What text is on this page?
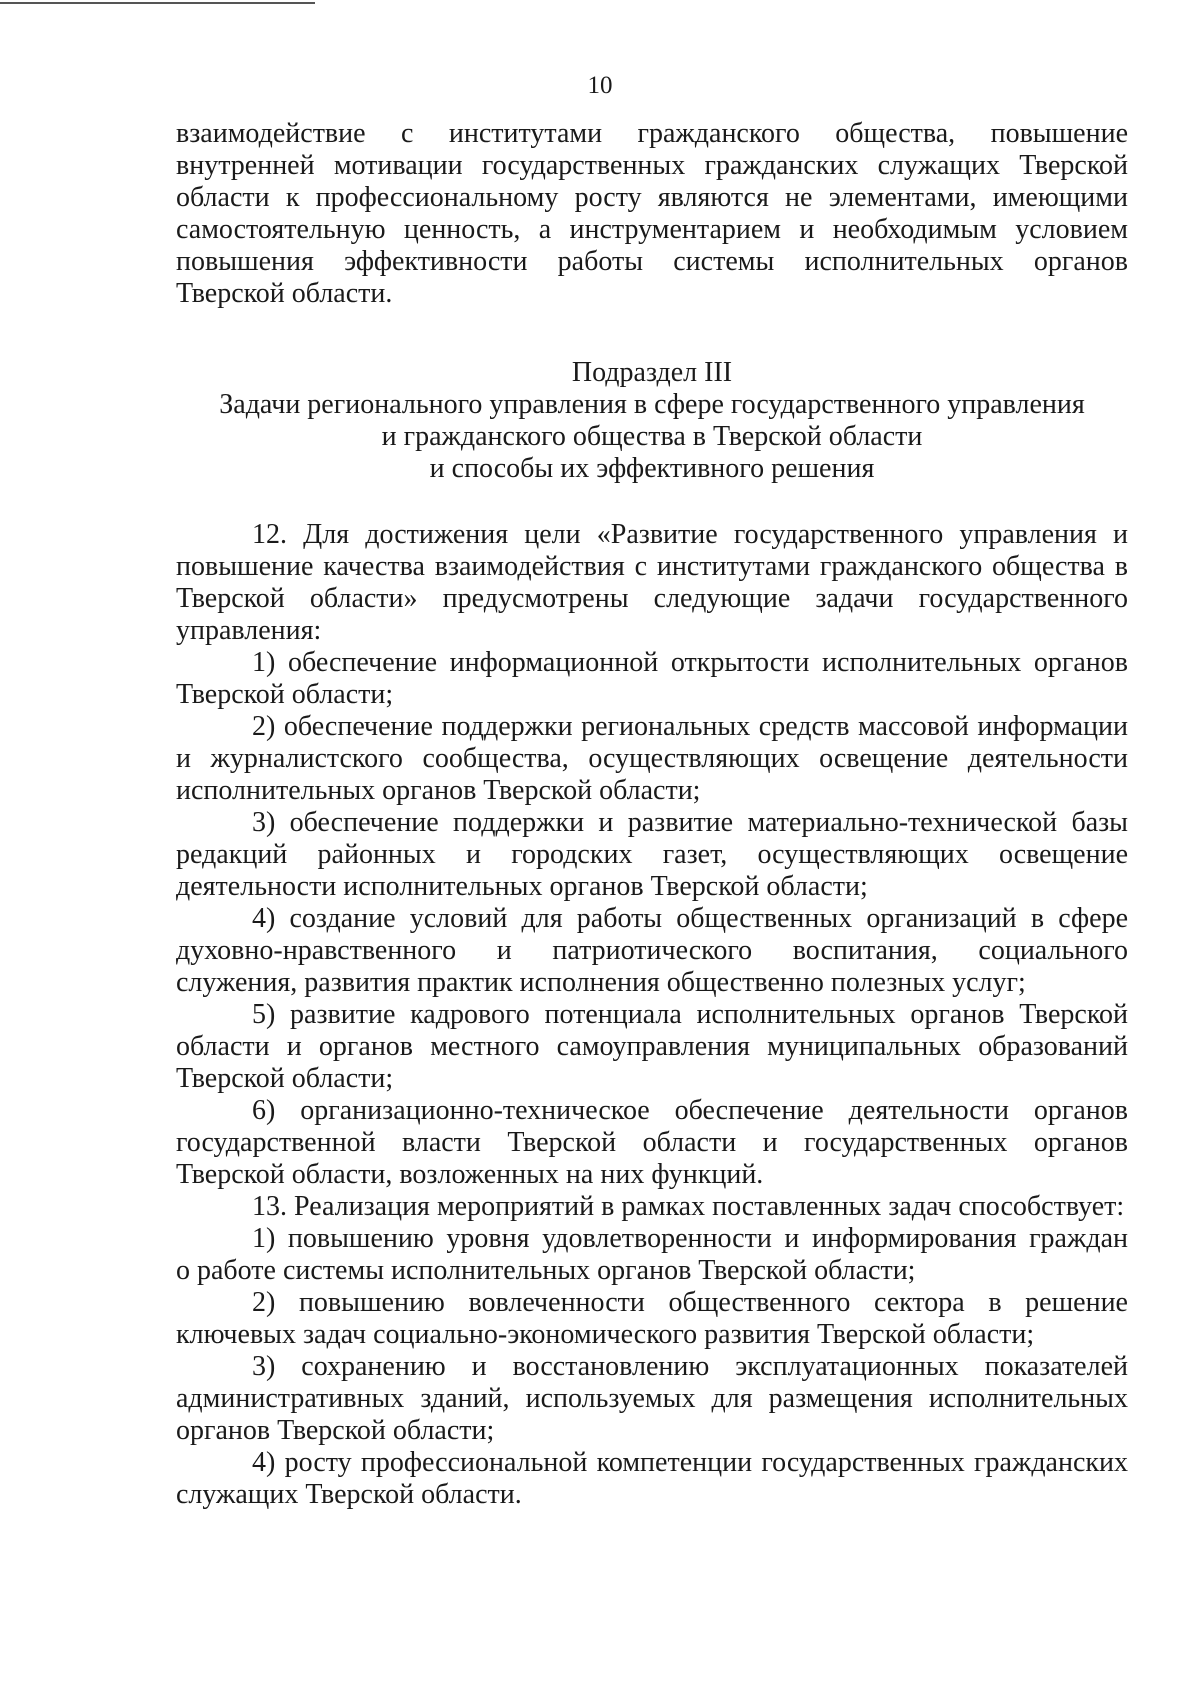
10
взаимодействие с институтами гражданского общества, повышение
внутренней мотивации государственных гражданских служащих Тверской
области к профессиональному росту являются не элементами, имеющими
самостоятельную ценность, а инструментарием и необходимым условием
повышения эффективности работы системы исполнительных органов
Тверской области.
Подраздел III
Задачи регионального управления в сфере государственного управления
и гражданского общества в Тверской области
и способы их эффективного решения
12. Для достижения цели «Развитие государственного управления и
повышение качества взаимодействия с институтами гражданского общества в
Тверской области» предусмотрены следующие задачи государственного
управления:
1) обеспечение информационной открытости исполнительных органов
Тверской области;
2) обеспечение поддержки региональных средств массовой информации
и журналистского сообщества, осуществляющих освещение деятельности
исполнительных органов Тверской области;
3) обеспечение поддержки и развитие материально-технической базы
редакций районных и городских газет, осуществляющих освещение
деятельности исполнительных органов Тверской области;
4) создание условий для работы общественных организаций в сфере
духовно-нравственного и патриотического воспитания, социального
служения, развития практик исполнения общественно полезных услуг;
5) развитие кадрового потенциала исполнительных органов Тверской
области и органов местного самоуправления муниципальных образований
Тверской области;
6) организационно-техническое обеспечение деятельности органов
государственной власти Тверской области и государственных органов
Тверской области, возложенных на них функций.
13. Реализация мероприятий в рамках поставленных задач способствует:
1) повышению уровня удовлетворенности и информирования граждан
о работе системы исполнительных органов Тверской области;
2) повышению вовлеченности общественного сектора в решение
ключевых задач социально-экономического развития Тверской области;
3) сохранению и восстановлению эксплуатационных показателей
административных зданий, используемых для размещения исполнительных
органов Тверской области;
4) росту профессиональной компетенции государственных гражданских
служащих Тверской области.
